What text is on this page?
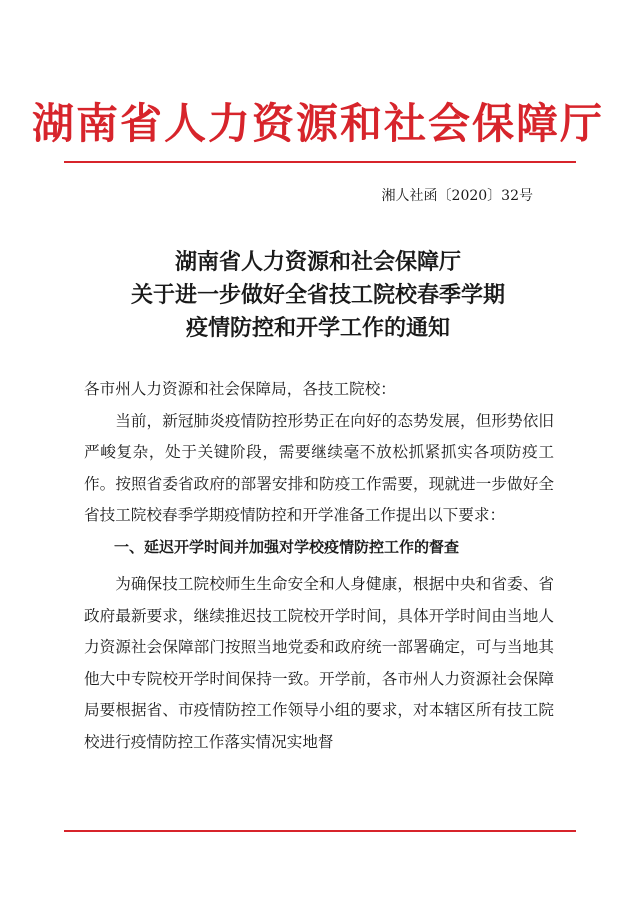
湖南省人力资源和社会保障厅
湘人社函〔2020〕32号
湖南省人力资源和社会保障厅
关于进一步做好全省技工院校春季学期
疫情防控和开学工作的通知

各市州人力资源和社会保障局，各技工院校：

当前，新冠肺炎疫情防控形势正在向好的态势发展，但形势依旧严峻复杂，处于关键阶段，需要继续毫不放松抓紧抓实各项防疫工作。按照省委省政府的部署安排和防疫工作需要，现就进一步做好全省技工院校春季学期疫情防控和开学准备工作提出以下要求：

一、延迟开学时间并加强对学校疫情防控工作的督查

为确保技工院校师生生命安全和人身健康，根据中央和省委、省政府最新要求，继续推迟技工院校开学时间，具体开学时间由当地人力资源社会保障部门按照当地党委和政府统一部署确定，可与当地其他大中专院校开学时间保持一致。开学前，各市州人力资源社会保障局要根据省、市疫情防控工作领导小组的要求，对本辖区所有技工院校进行疫情防控工作落实情况实地督
